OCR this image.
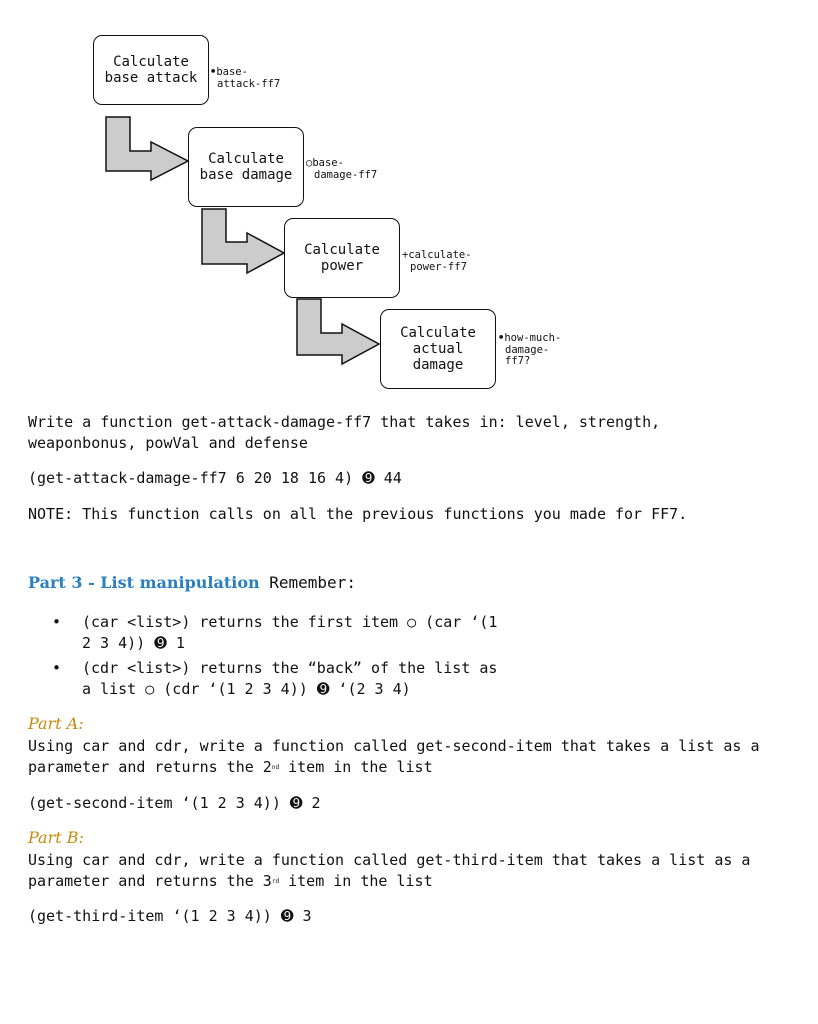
Calculate
base attack •base-
attack-ff7
Calculate
base damage
○base-
damage-ff7
Calculate
power
+calculate-
power-ff7
Calculate
actual
damage
•how-much-
damage-
ff7?
Write a function get-attack-damage-ff7 that takes in: level, strength,
weaponbonus, powVal and defense
(get-attack-damage-ff7 6 20 18 16 4) ➒ 44
NOTE: This function calls on all the previous functions you made for FF7.
Part 3 - List manipulation Remember:
• (car <list>) returns the first item ○ (car ‘(1
2 3 4)) ➒ 1
• (cdr <list>) returns the “back” of the list as
a list ○ (cdr ‘(1 2 3 4)) ➒ ‘(2 3 4)
Part A:
Using car and cdr, write a function called get-second-item that takes a list as a
parameter and returns the 2nd item in the list
(get-second-item ‘(1 2 3 4)) ➒ 2
Part B:
Using car and cdr, write a function called get-third-item that takes a list as a
parameter and returns the 3rd item in the list
(get-third-item ‘(1 2 3 4)) ➒ 3
